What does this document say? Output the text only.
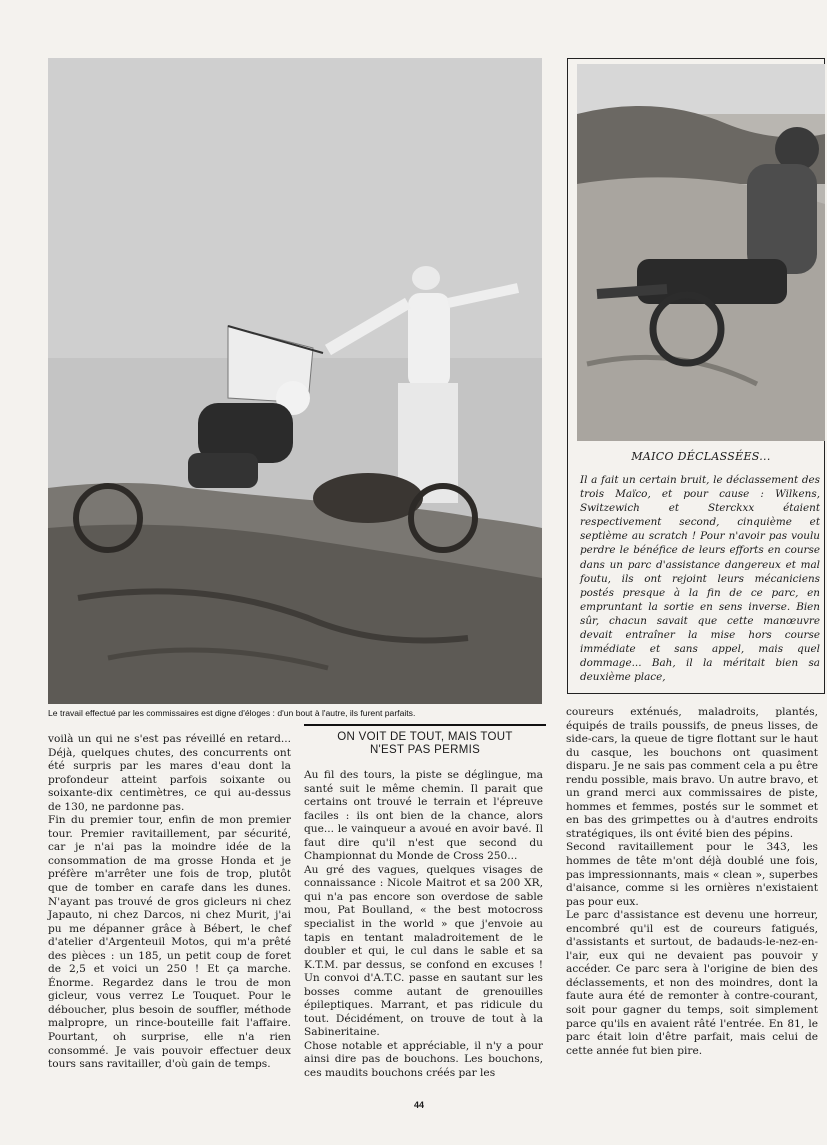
Le travail effectué par les commissaires est digne d'éloges : d'un bout à l'autre, ils furent parfaits.
MAICO DÉCLASSÉES...
Il a fait un certain bruit, le déclassement des trois Maïco, et pour cause : Wilkens, Switzewich et Sterckxx étaient respectivement second, cinquième et septième au scratch ! Pour n'avoir pas voulu perdre le bénéfice de leurs efforts en course dans un parc d'assistance dangereux et mal foutu, ils ont rejoint leurs mécaniciens postés presque à la fin de ce parc, en empruntant la sortie en sens inverse. Bien sûr, chacun savait que cette manœuvre devait entraîner la mise hors course immédiate et sans appel, mais quel dommage... Bah, il la méritait bien sa deuxième place,
ON VOIT DE TOUT, MAIS TOUT
N'EST PAS PERMIS

voilà un qui ne s'est pas réveillé en retard... Déjà, quelques chutes, des concurrents ont été surpris par les mares d'eau dont la profondeur atteint parfois soixante ou soixante-dix centimètres, ce qui au-dessus de 130, ne pardonne pas.

Fin du premier tour, enfin de mon premier tour. Premier ravitaillement, par sécurité, car je n'ai pas la moindre idée de la consommation de ma grosse Honda et je préfère m'arrêter une fois de trop, plutôt que de tomber en carafe dans les dunes. N'ayant pas trouvé de gros gicleurs ni chez Japauto, ni chez Darcos, ni chez Murit, j'ai pu me dépanner grâce à Bébert, le chef d'atelier d'Argenteuil Motos, qui m'a prêté des pièces : un 185, un petit coup de foret de 2,5 et voici un 250 ! Et ça marche. Énorme. Regardez dans le trou de mon gicleur, vous verrez Le Touquet. Pour le déboucher, plus besoin de souffler, méthode malpropre, un rince-bouteille fait l'affaire. Pourtant, oh surprise, elle n'a rien consommé. Je vais pouvoir effectuer deux tours sans ravitailler, d'où gain de temps.

Au fil des tours, la piste se déglingue, ma santé suit le même chemin. Il parait que certains ont trouvé le terrain et l'épreuve faciles : ils ont bien de la chance, alors que... le vainqueur a avoué en avoir bavé. Il faut dire qu'il n'est que second du Championnat du Monde de Cross 250...

Au gré des vagues, quelques visages de connaissance : Nicole Maitrot et sa 200 XR, qui n'a pas encore son overdose de sable mou, Pat Boulland, « the best motocross specialist in the world » que j'envoie au tapis en tentant maladroitement de le doubler et qui, le cul dans le sable et sa K.T.M. par dessus, se confond en excuses ! Un convoi d'A.T.C. passe en sautant sur les bosses comme autant de grenouilles épileptiques. Marrant, et pas ridicule du tout. Décidément, on trouve de tout à la Sabineritaine.

Chose notable et appréciable, il n'y a pour ainsi dire pas de bouchons. Les bouchons, ces maudits bouchons créés par les

coureurs exténués, maladroits, plantés, équipés de trails poussifs, de pneus lisses, de side-cars, la queue de tigre flottant sur le haut du casque, les bouchons ont quasiment disparu. Je ne sais pas comment cela a pu être rendu possible, mais bravo. Un autre bravo, et un grand merci aux commissaires de piste, hommes et femmes, postés sur le sommet et en bas des grimpettes ou à d'autres endroits stratégiques, ils ont évité bien des pépins.

Second ravitaillement pour le 343, les hommes de tête m'ont déjà doublé une fois, pas impressionnants, mais « clean », superbes d'aisance, comme si les ornières n'existaient pas pour eux.

Le parc d'assistance est devenu une horreur, encombré qu'il est de coureurs fatigués, d'assistants et surtout, de badauds-le-nez-en-l'air, eux qui ne devaient pas pouvoir y accéder. Ce parc sera à l'origine de bien des déclassements, et non des moindres, dont la faute aura été de remonter à contre-courant, soit pour gagner du temps, soit simplement parce qu'ils en avaient râté l'entrée. En 81, le parc était loin d'être parfait, mais celui de cette année fut bien pire.

44
